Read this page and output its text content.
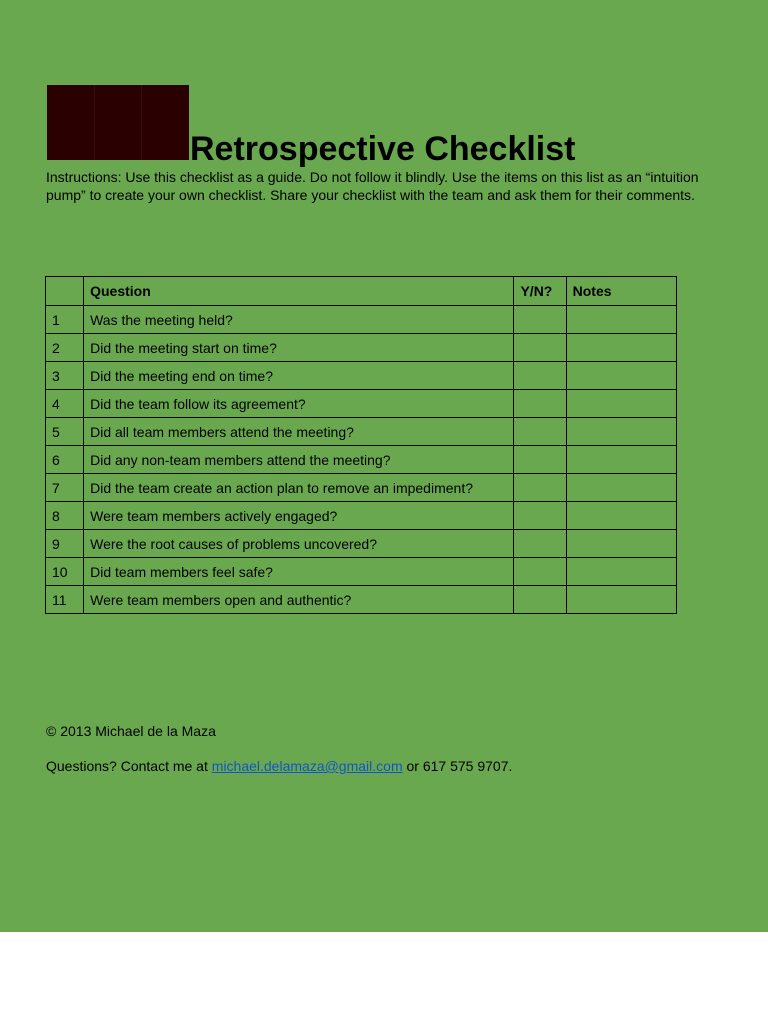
Retrospective Checklist
Instructions: Use this checklist as a guide. Do not follow it blindly. Use the items on this list as an “intuition pump” to create your own checklist. Share your checklist with the team and ask them for their comments.
	Question	Y/N?	Notes
1	Was the meeting held?		
2	Did the meeting start on time?		
3	Did the meeting end on time?		
4	Did the team follow its agreement?		
5	Did all team members attend the meeting?		
6	Did any non-team members attend the meeting?		
7	Did the team create an action plan to remove an impediment?		
8	Were team members actively engaged?		
9	Were the root causes of problems uncovered?		
10	Did team members feel safe?		
11	Were team members open and authentic?		
© 2013 Michael de la Maza
Questions? Contact me at michael.delamaza@gmail.com or 617 575 9707.
